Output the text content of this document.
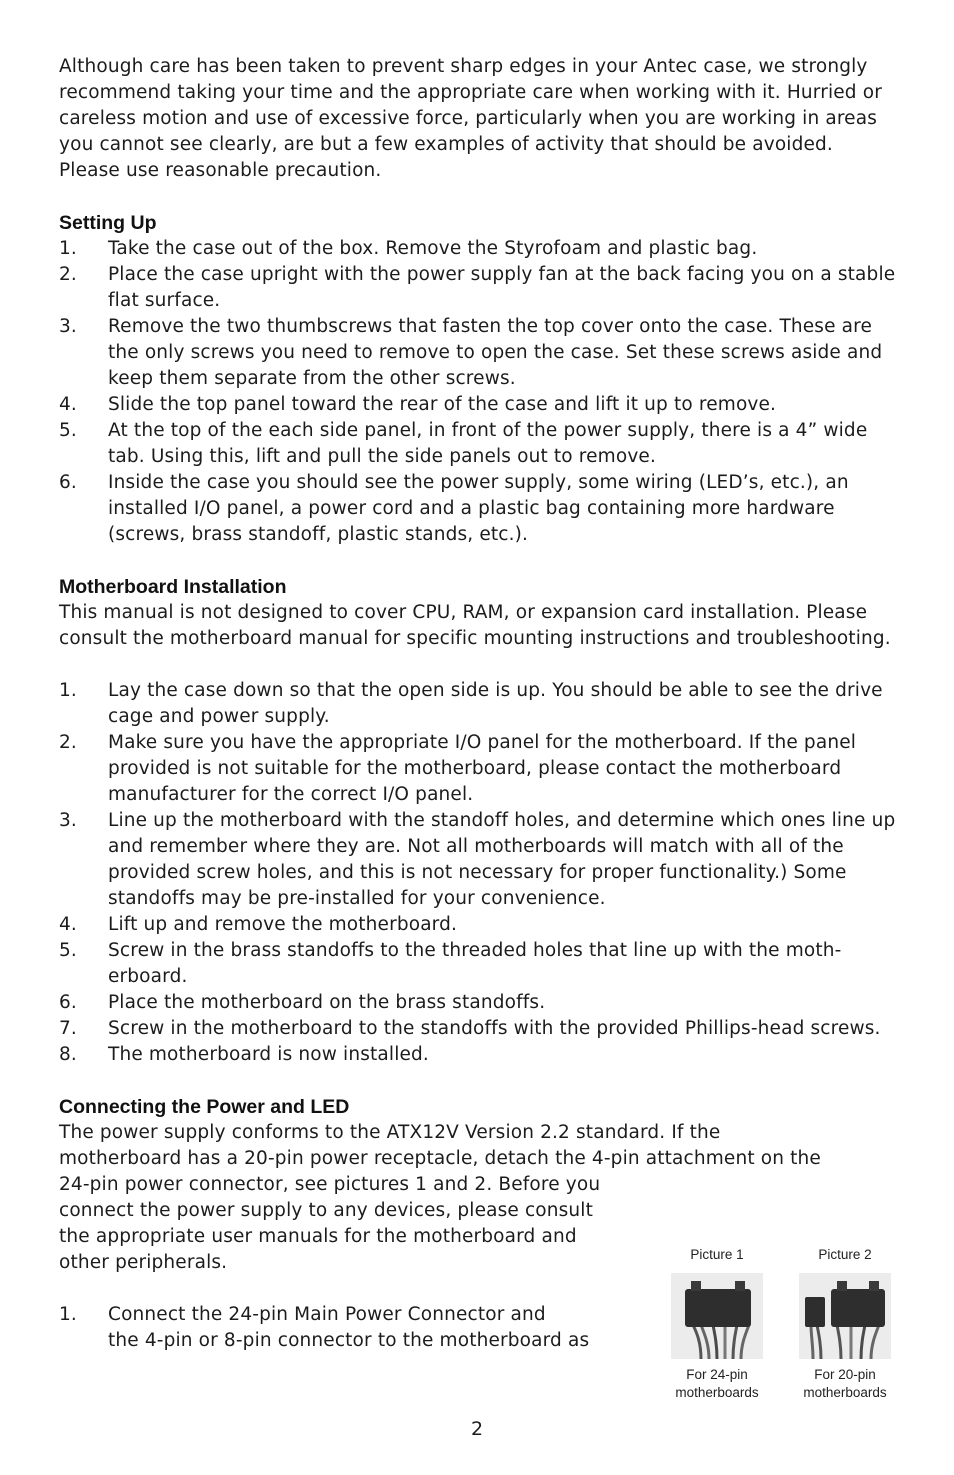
Although care has been taken to prevent sharp edges in your Antec case, we strongly recommend taking your time and the appropriate care when working with it. Hurried or careless motion and use of excessive force, particularly when you are working in areas you cannot see clearly, are but a few examples of activity that should be avoided. Please use reasonable precaution.

Setting Up
1.	Take the case out of the box. Remove the Styrofoam and plastic bag.
2.	Place the case upright with the power supply fan at the back facing you on a stable flat surface.
3.	Remove the two thumbscrews that fasten the top cover onto the case. These are the only screws you need to remove to open the case. Set these screws aside and keep them separate from the other screws.
4.	Slide the top panel toward the rear of the case and lift it up to remove.
5.	At the top of the each side panel, in front of the power supply, there is a 4” wide tab. Using this, lift and pull the side panels out to remove.
6.	Inside the case you should see the power supply, some wiring (LED’s, etc.), an installed I/O panel, a power cord and a plastic bag containing more hardware (screws, brass standoff, plastic stands, etc.).
Motherboard Installation

This manual is not designed to cover CPU, RAM, or expansion card installation. Please consult the motherboard manual for specific mounting instructions and troubleshooting.

1.	Lay the case down so that the open side is up. You should be able to see the drive cage and power supply.
2.	Make sure you have the appropriate I/O panel for the motherboard. If the panel provided is not suitable for the motherboard, please contact the motherboard manufacturer for the correct I/O panel.
3.	Line up the motherboard with the standoff holes, and determine which ones line up and remember where they are. Not all motherboards will match with all of the provided screw holes, and this is not necessary for proper functionality.) Some standoffs may be pre-installed for your convenience.
4.	Lift up and remove the motherboard.
5.	Screw in the brass standoffs to the threaded holes that line up with the moth-erboard.
6.	Place the motherboard on the brass standoffs.
7.	Screw in the motherboard to the standoffs with the provided Phillips-head screws.
8.	The motherboard is now installed.
Connecting the Power and LED

The power supply conforms to the ATX12V Version 2.2 standard. If the
motherboard has a 20-pin power receptacle, detach the 4-pin attachment on the
24-pin power connector, see pictures 1 and 2. Before you
connect the power supply to any devices, please consult
the appropriate user manuals for the motherboard and
other peripherals.

1.	Connect the 24-pin Main Power Connector and
the 4-pin or 8-pin connector to the motherboard as
Picture 1
For 24-pin
motherboards
Picture 2
For 20-pin
motherboards
2
